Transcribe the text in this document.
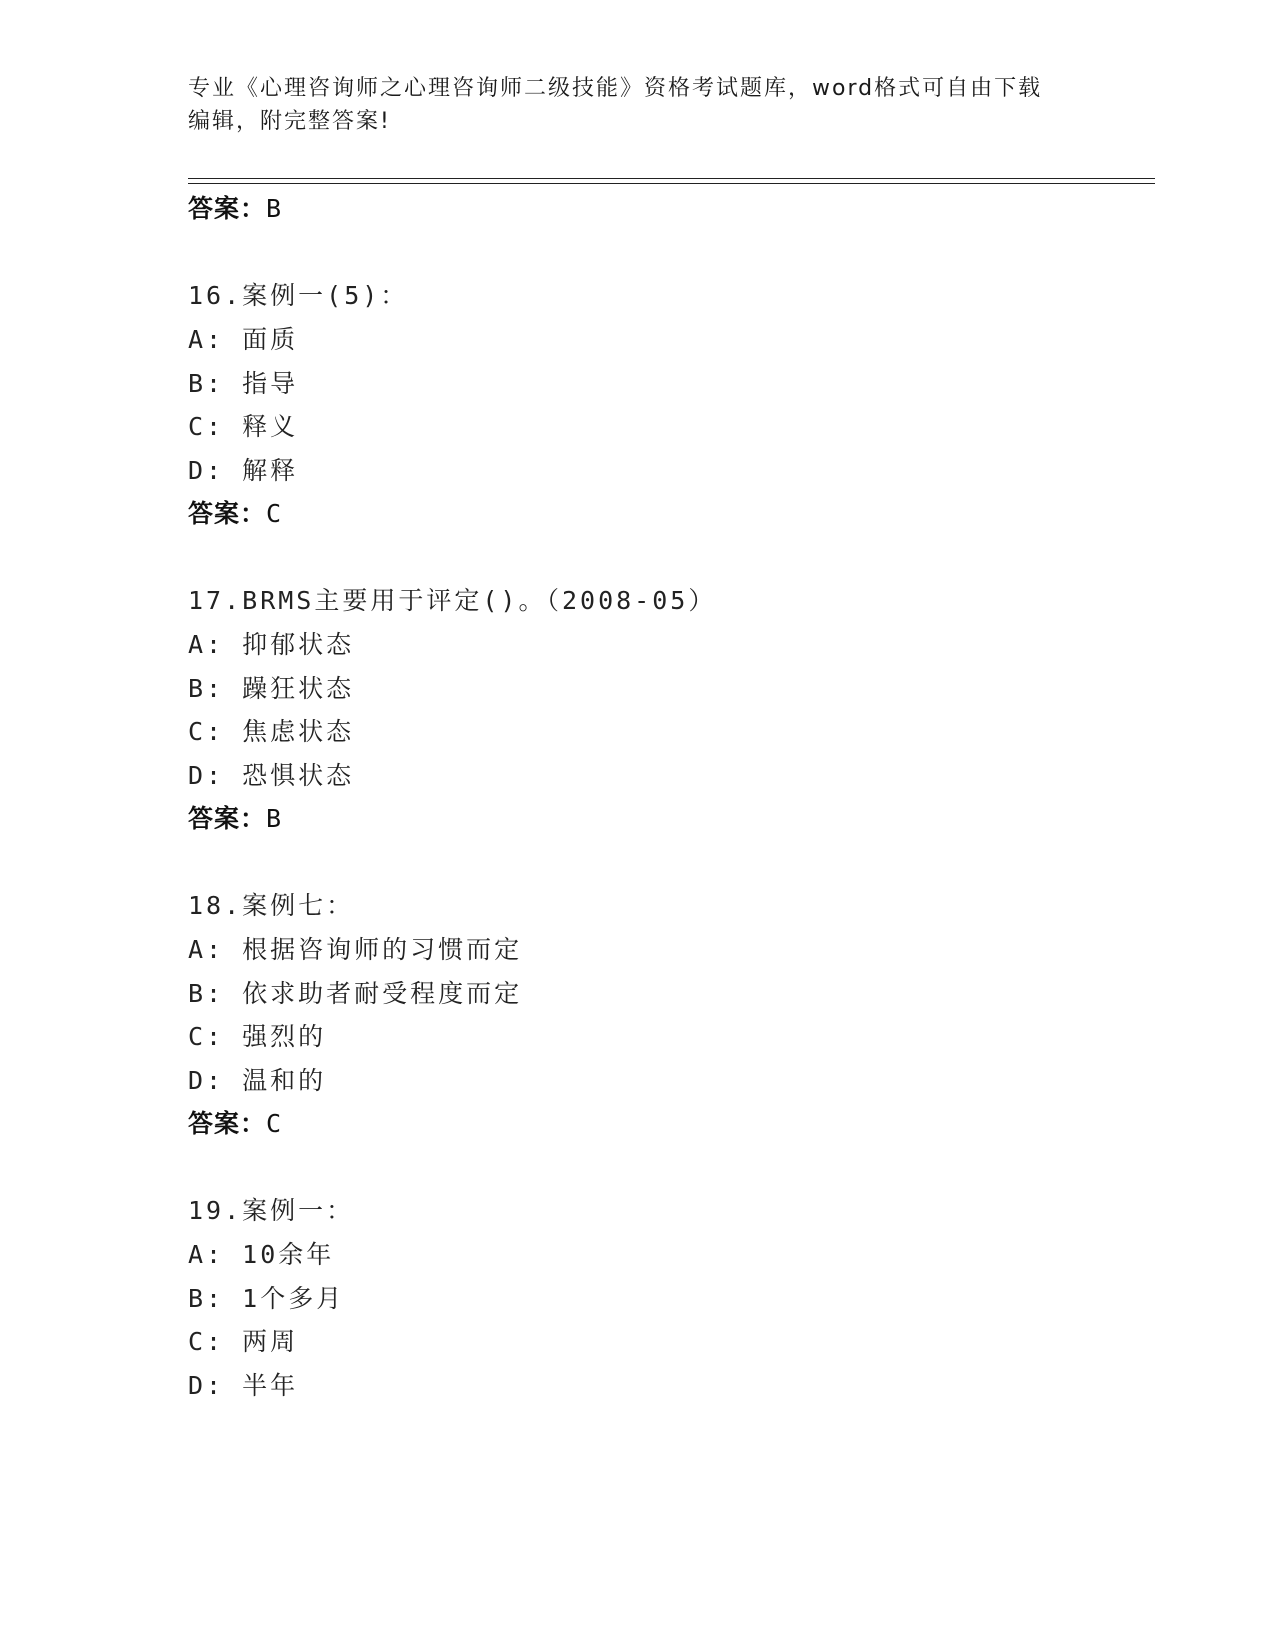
专业《心理咨询师之心理咨询师二级技能》资格考试题库，word格式可自由下载
编辑，附完整答案!
答案：B
16.案例一(5)：
A: 面质
B: 指导
C: 释义
D: 解释
答案：C
17.BRMS主要用于评定()。（2008-05）
A: 抑郁状态
B: 躁狂状态
C: 焦虑状态
D: 恐惧状态
答案：B
18.案例七：
A: 根据咨询师的习惯而定
B: 依求助者耐受程度而定
C: 强烈的
D: 温和的
答案：C
19.案例一：
A: 10余年
B: 1个多月
C: 两周
D: 半年
